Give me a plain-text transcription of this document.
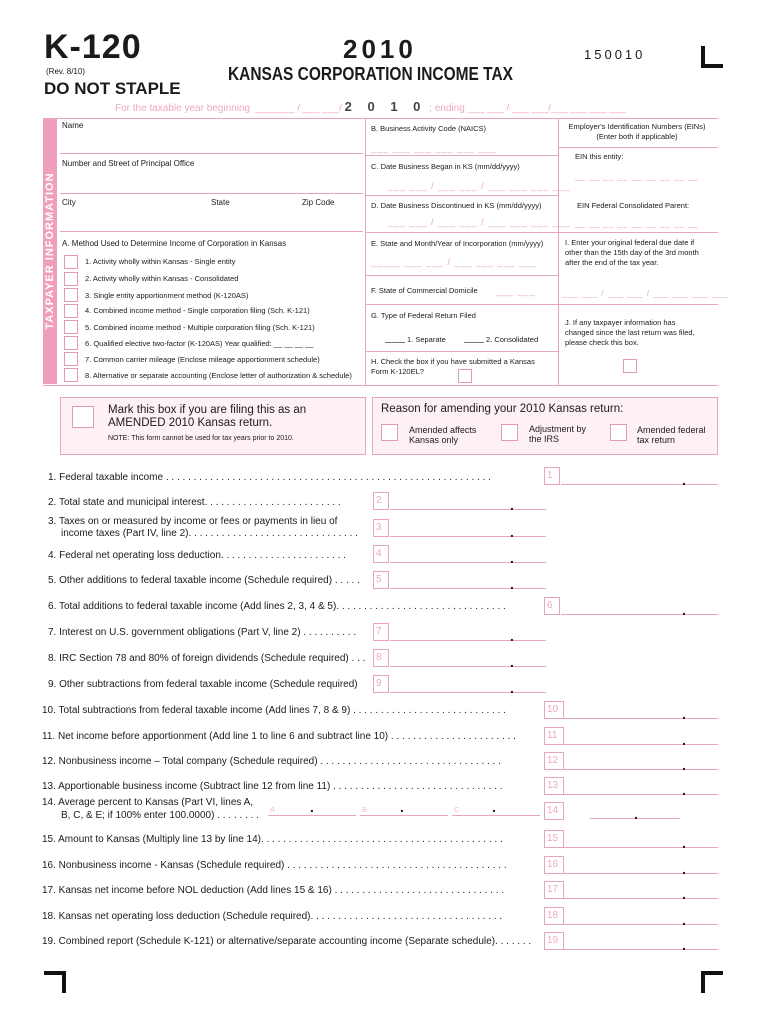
K-120
(Rev. 8/10)
DO NOT STAPLE
2010
KANSAS CORPORATION INCOME TAX
150010
For the taxable year beginning _______ / ___ ___/ 2 0 1 0 ; ending ___ ___ / ___ ___/___ ___ ___ ___
TAXPAYER INFORMATION
Name
Number and Street of Principal Office
City	State	Zip Code
A. Method Used to Determine Income of Corporation in Kansas
1. Activity wholly within Kansas - Single entity
2. Activity wholly within Kansas - Consolidated
3. Single entity apportionment method (K-120AS)
4. Combined income method - Single corporation filing (Sch. K-121)
5. Combined income method - Multiple corporation filing (Sch. K-121)
6. Qualified elective two-factor (K-120AS) Year qualified: __ __ __ __
7. Common carrier mileage (Enclose mileage apportionment schedule)
8. Alternative or separate accounting (Enclose letter of authorization & schedule)
B. Business Activity Code (NAICS)
___ ___ ___ ___ ___ ___
C. Date Business Began in KS (mm/dd/yyyy)
___ ___ / ___ ___ / ___ ___ ___ ___
D. Date Business Discontinued in KS (mm/dd/yyyy)
___ ___ / ___ ___ / ___ ___ ___ ___
E. State and Month/Year of Incorporation (mm/yyyy)
_____ ___ ___ / ___ ___ ___ ___
F. State of Commercial Domicile ___ ___
G. Type of Federal Return Filed
1. Separate	2. Consolidated
H. Check the box if you have submitted a Kansas Form K-120EL?
Employer's Identification Numbers (EINs) (Enter both if applicable)
EIN this entity:
__ __ __ __ __ __ __ __ __
EIN Federal Consolidated Parent:
__ __ __ __ __ __ __ __ __
I. Enter your original federal due date if other than the 15th day of the 3rd month after the end of the tax year.
___ ___ / ___ ___ / ___ ___ ___ ___
J. If any taxpayer information has changed since the last return was filed, please check this box.
Mark this box if you are filing this as an AMENDED 2010 Kansas return.
NOTE: This form cannot be used for tax years prior to 2010.
Reason for amending your 2010 Kansas return:
Amended affects Kansas only
Adjustment by the IRS
Amended federal tax return
1. Federal taxable income . . . . . . . . . . . . . . . . . . . . . . . . . . . . . . . . . . . . . . . . . . . . . . . . . . . . . . . . . . .	1	.
2. Total state and municipal interest. . . . . . . . . . . . . . . . . . . . . . . . .	2	.
3. Taxes on or measured by income or fees or payments in lieu of
income taxes (Part IV, line 2). . . . . . . . . . . . . . . . . . . . . . . . . . . . . . .
3	.
4. Federal net operating loss deduction. . . . . . . . . . . . . . . . . . . . . . .	4	.
5. Other additions to federal taxable income (Schedule required) . . . . .	5	.
6. Total additions to federal taxable income (Add lines 2, 3, 4 & 5). . . . . . . . . . . . . . . . . . . . . . . . . . . . . . .	6	.
7. Interest on U.S. government obligations (Part V, line 2) . . . . . . . . . .	7	.
8. IRC Section 78 and 80% of foreign dividends (Schedule required) . . .	8	.
9. Other subtractions from federal taxable income (Schedule required)	9	.
10. Total subtractions from federal taxable income (Add lines 7, 8 & 9) . . . . . . . . . . . . . . . . . . . . . . . . . . . .	10	.
11. Net income before apportionment (Add line 1 to line 6 and subtract line 10) . . . . . . . . . . . . . . . . . . . . . . .	11	.
12. Nonbusiness income – Total company (Schedule required) . . . . . . . . . . . . . . . . . . . . . . . . . . . . . . . . .	12	.
13. Apportionable business income (Subtract line 12 from line 11) . . . . . . . . . . . . . . . . . . . . . . . . . . . . . . .	13	.
14. Average percent to Kansas (Part VI, lines A,
B, C, & E; if 100% enter 100.0000) . . . . . . . .
A .	B .	C .	14	.
15. Amount to Kansas (Multiply line 13 by line 14). . . . . . . . . . . . . . . . . . . . . . . . . . . . . . . . . . . . . . . . . . . .	15	.
16. Nonbusiness income - Kansas (Schedule required) . . . . . . . . . . . . . . . . . . . . . . . . . . . . . . . . . . . . . . . .	16	.
17. Kansas net income before NOL deduction (Add lines 15 & 16) . . . . . . . . . . . . . . . . . . . . . . . . . . . . . . .	17	.
18. Kansas net operating loss deduction (Schedule required). . . . . . . . . . . . . . . . . . . . . . . . . . . . . . . . . . .	18	.
19. Combined report (Schedule K-121) or alternative/separate accounting income (Separate schedule). . . . . . .	19	.
